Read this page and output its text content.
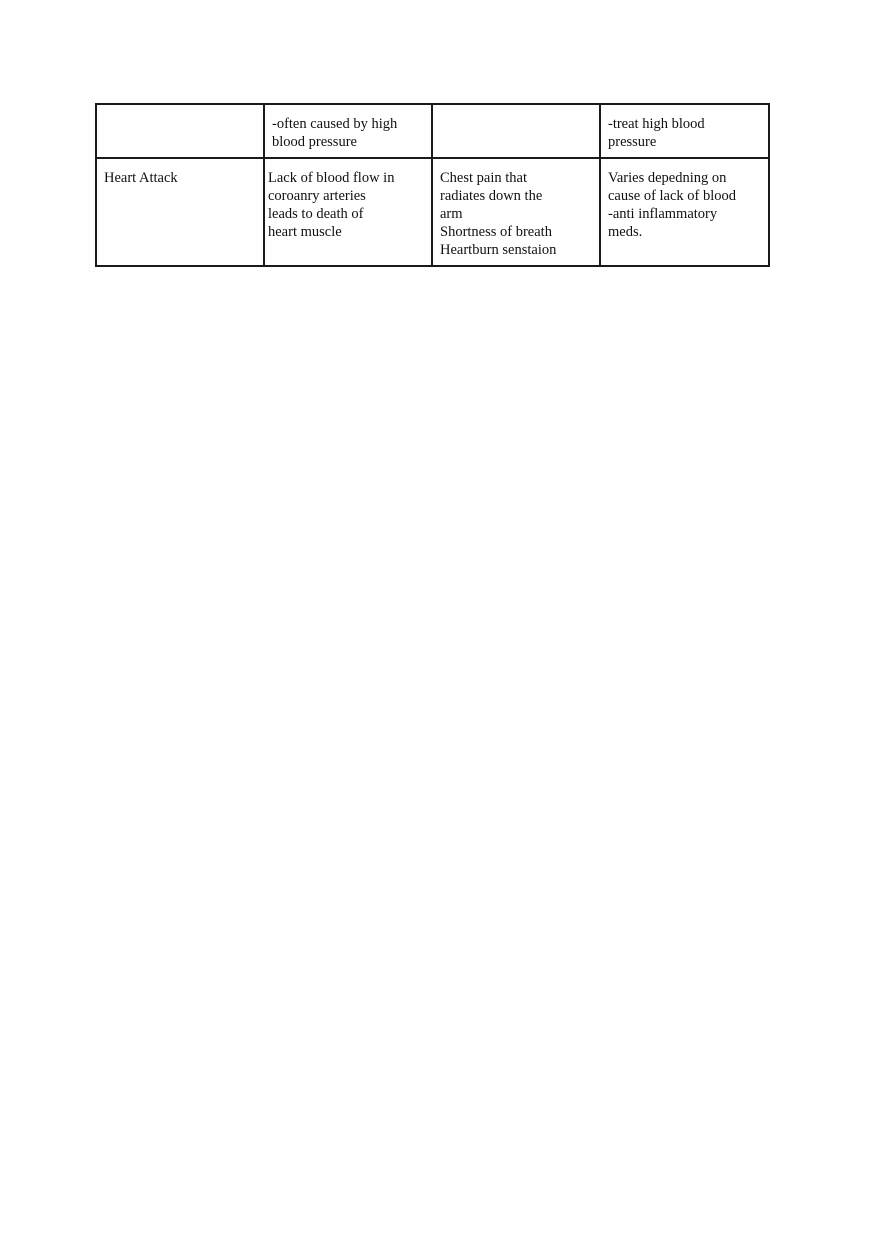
	-often caused by high
blood pressure		-treat high blood
pressure

Heart Attack	Lack of blood flow in
coroanry arteries
leads to death of
heart muscle	Chest pain that
radiates down the
arm
Shortness of breath
Heartburn senstaion	Varies depedning on
cause of lack of blood
-anti inflammatory
meds.
